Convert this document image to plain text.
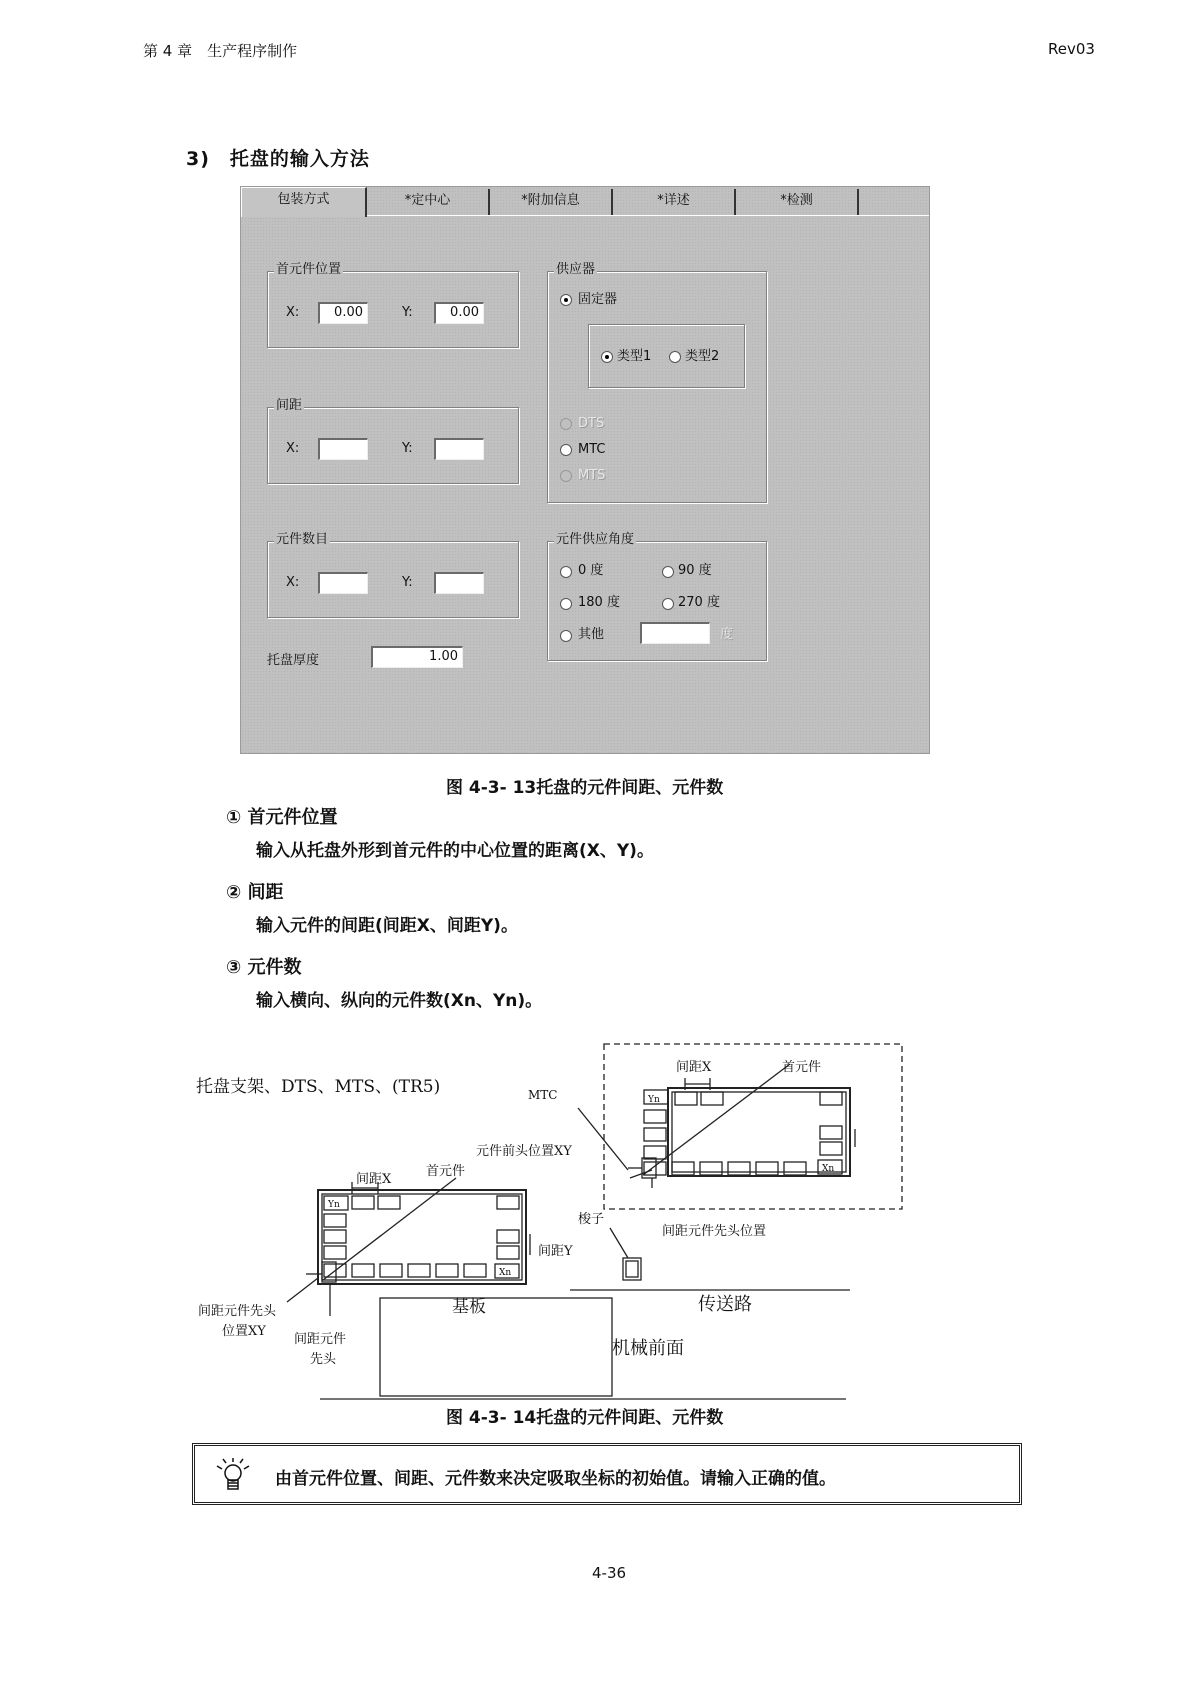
第 4 章　生产程序制作	Rev03
3)　托盘的输入方法
包装方式	*定中心	*附加信息	*详述	*检测
首元件位置
X:	0.00	Y:	0.00
间距
X:	Y:
元件数目
X:	Y:
托盘厚度	1.00
供应器
固定器
类型1	类型2
DTS
MTC
MTS
元件供应角度
0 度	90 度
180 度	270 度
其他	度
图 4-3- 13托盘的元件间距、元件数
① 首元件位置
输入从托盘外形到首元件的中心位置的距离(X、Y)。
② 间距
输入元件的间距(间距X、间距Y)。
③ 元件数
输入横向、纵向的元件数(Xn、Yn)。
Yn
Xn
Yn
Xn
托盘支架、DTS、MTS、(TR5)	MTC
间距X	首元件
元件前头位置XY
间距X
首元件
梭子
间距元件先头位置
间距Y
基板	传送路
机械前面
间距元件先头
位置XY
间距元件
先头
图 4-3- 14托盘的元件间距、元件数
由首元件位置、间距、元件数来决定吸取坐标的初始值。请输入正确的值。
4-36
